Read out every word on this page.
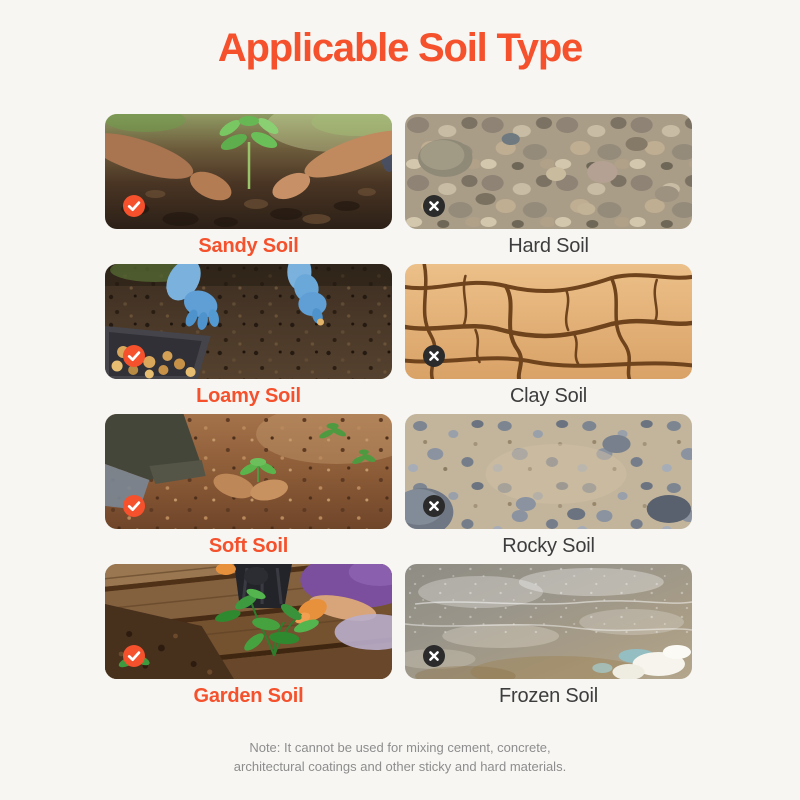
Applicable Soil Type
Sandy Soil	Hard Soil
Loamy Soil	Clay Soil
Soft Soil	Rocky Soil
Garden Soil	Frozen Soil
Note: It cannot be used for mixing cement, concrete,
architectural coatings and other sticky and hard materials.
